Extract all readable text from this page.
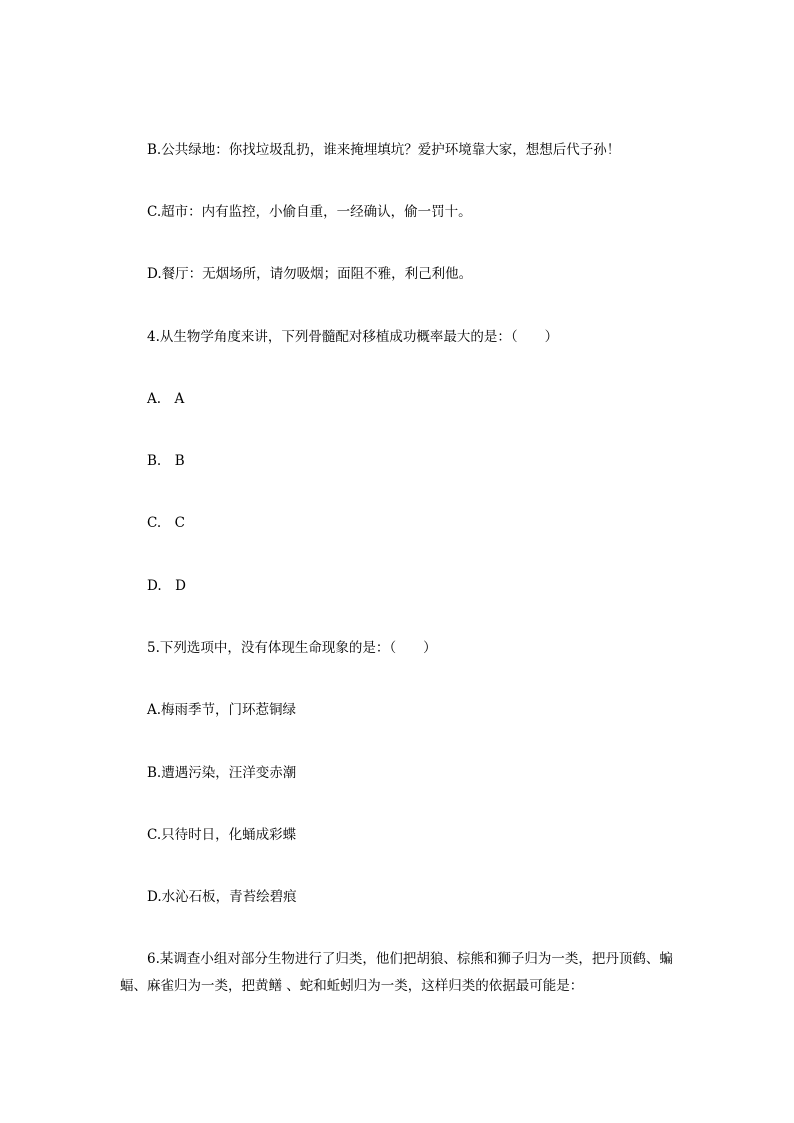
B.公共绿地：你找垃圾乱扔，谁来掩埋填坑？爱护环境靠大家，想想后代子孙！
C.超市：内有监控，小偷自重，一经确认，偷一罚十。
D.餐厅：无烟场所，请勿吸烟；面阻不雅，利己利他。
4.从生物学角度来讲，下列骨髓配对移植成功概率最大的是：（　　）
A.　A
B.　B
C.　C
D.　D
5.下列选项中，没有体现生命现象的是：（　　）
A.梅雨季节，门环惹铜绿
B.遭遇污染，汪洋变赤潮
C.只待时日，化蛹成彩蝶
D.水沁石板，青苔绘碧痕
6.某调查小组对部分生物进行了归类，他们把胡狼、棕熊和狮子归为一类，把丹顶鹤、蝙蝠、麻雀归为一类，把黄鳝 、蛇和蚯蚓归为一类，这样归类的依据最可能是：
